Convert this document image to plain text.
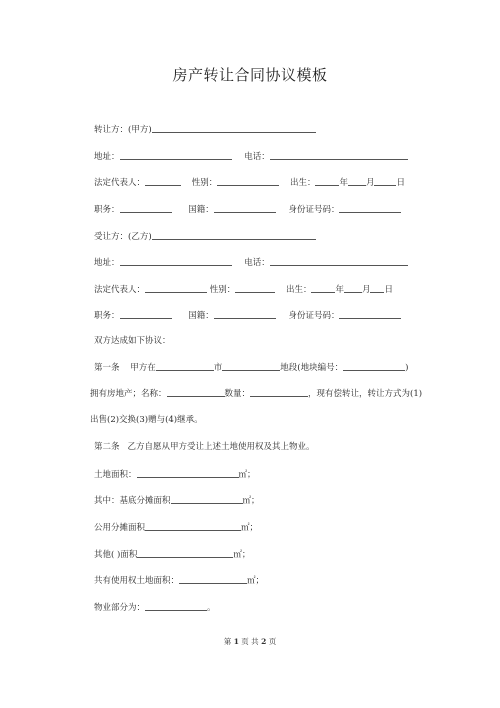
房产转让合同协议模板
转让方：(甲方)
地址：	电话：
法定代表人：	性别：	出生：	年 月	日
职务：	国籍：	身份证号码：
受让方：(乙方)
地址：	电话：
法定代表人：	性别：	出生：	年 月 日
职务：	国籍：	身份证号码：
双方达成如下协议：
第一条 甲方在	市	地段(地块编号：	)
拥有房地产；名称：	数量：	，现有偿转让，转让方式为(1)
出售(2)交换(3)赠与(4)继承。
第二条 乙方自愿从甲方受让上述土地使用权及其上物业。
土地面积：	㎡；
其中：基底分摊面积	㎡；
公用分摊面积	㎡；
其他( )面积	㎡；
共有使用权土地面积：	㎡；
物业部分为：	。
第 1 页 共 2 页
